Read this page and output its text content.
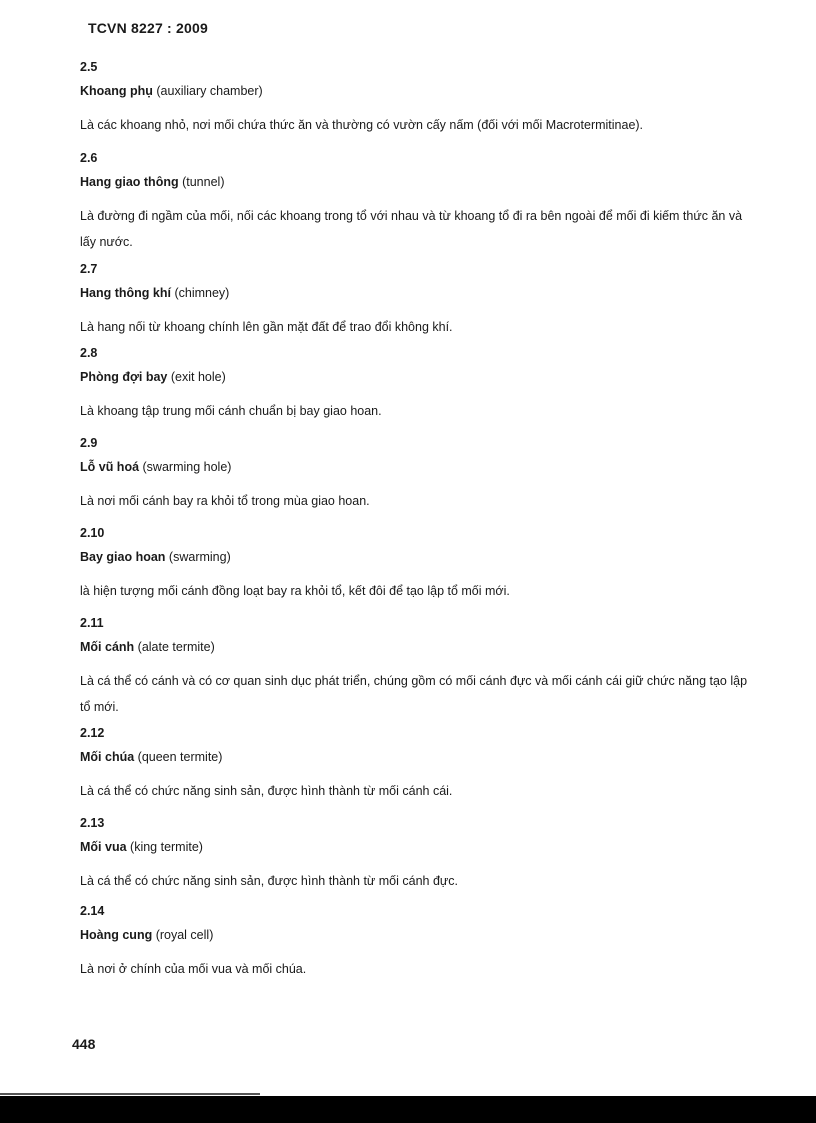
TCVN 8227 : 2009
2.5
Khoang phụ (auxiliary chamber)
Là các khoang nhỏ, nơi mối chứa thức ăn và thường có vườn cấy nấm (đối với mối Macrotermitinae).
2.6
Hang giao thông (tunnel)
Là đường đi ngầm của mối, nối các khoang trong tổ với nhau và từ khoang tổ đi ra bên ngoài để mối đi kiếm thức ăn và lấy nước.
2.7
Hang thông khí (chimney)
Là hang nối từ khoang chính lên gần mặt đất để trao đổi không khí.
2.8
Phòng đợi bay (exit hole)
Là khoang tập trung mối cánh chuẩn bị bay giao hoan.
2.9
Lỗ vũ hoá (swarming hole)
Là nơi mối cánh bay ra khỏi tổ trong mùa giao hoan.
2.10
Bay giao hoan (swarming)
là hiện tượng mối cánh đồng loạt bay ra khỏi tổ, kết đôi để tạo lập tổ mối mới.
2.11
Mối cánh (alate termite)
Là cá thể có cánh và có cơ quan sinh dục phát triển, chúng gồm có mối cánh đực và mối cánh cái giữ chức năng tạo lập tổ mới.
2.12
Mối chúa (queen termite)
Là cá thể có chức năng sinh sản, được hình thành từ mối cánh cái.
2.13
Mối vua (king termite)
Là cá thể có chức năng sinh sản, được hình thành từ mối cánh đực.
2.14
Hoàng cung (royal cell)
Là nơi ở chính của mối vua và mối chúa.
448
